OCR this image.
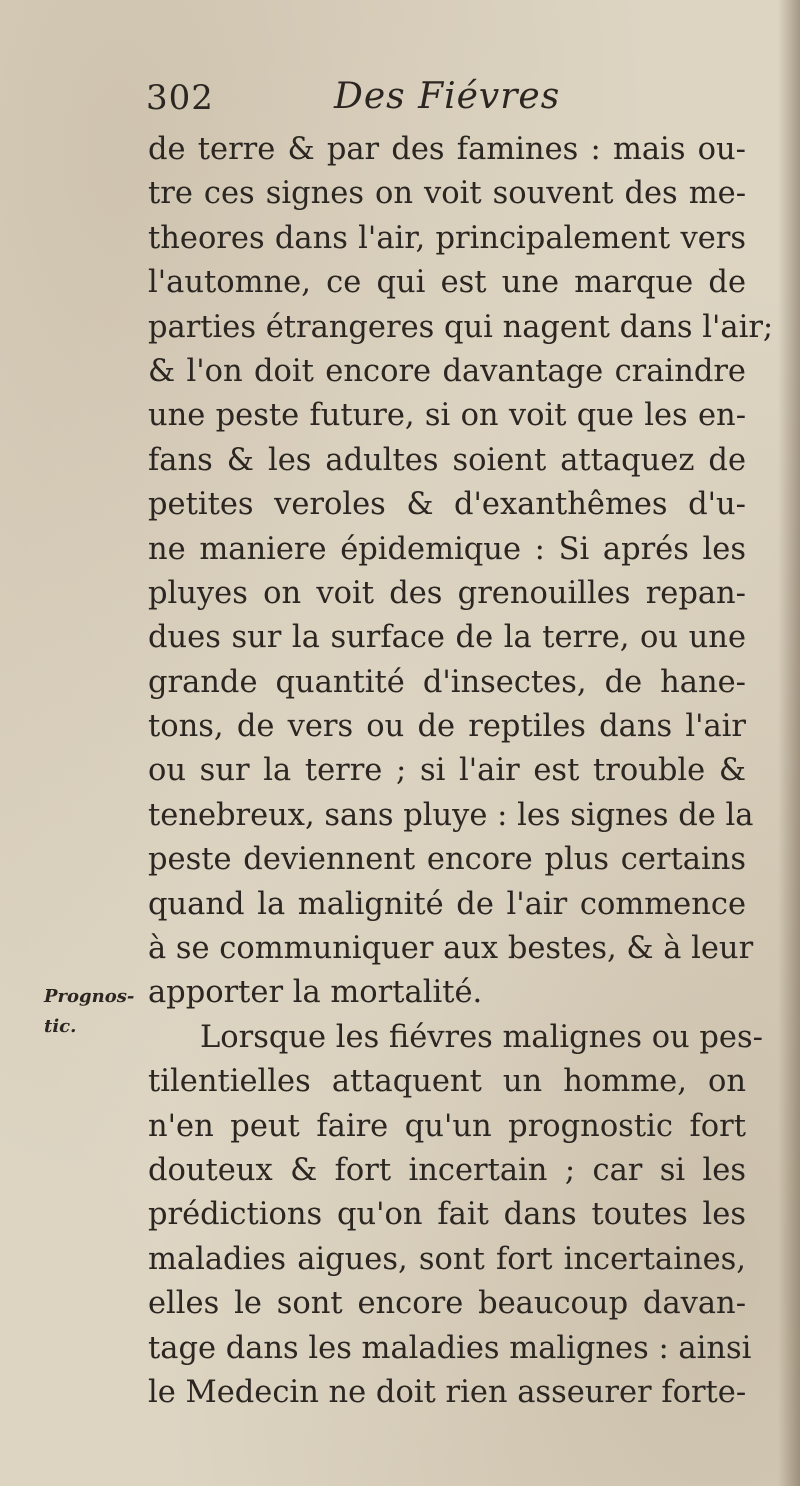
302	Des Fiévres
Prognos-
tic.
de terre & par des famines : mais ou-
tre ces signes on voit souvent des me-
theores dans l'air, principalement vers
l'automne, ce qui est une marque de
parties étrangeres qui nagent dans l'air;
& l'on doit encore davantage craindre
une peste future, si on voit que les en-
fans & les adultes soient attaquez de
petites veroles & d'exanthêmes d'u-
ne maniere épidemique : Si aprés les
pluyes on voit des grenouilles repan-
dues sur la surface de la terre, ou une
grande quantité d'insectes, de hane-
tons, de vers ou de reptiles dans l'air
ou sur la terre ; si l'air est trouble &
tenebreux, sans pluye : les signes de la
peste deviennent encore plus certains
quand la malignité de l'air commence
à se communiquer aux bestes, & à leur
apporter la mortalité.
Lorsque les fiévres malignes ou pes-
tilentielles attaquent un homme, on
n'en peut faire qu'un prognostic fort
douteux & fort incertain ; car si les
prédictions qu'on fait dans toutes les
maladies aigues, sont fort incertaines,
elles le sont encore beaucoup davan-
tage dans les maladies malignes : ainsi
le Medecin ne doit rien asseurer forte-
